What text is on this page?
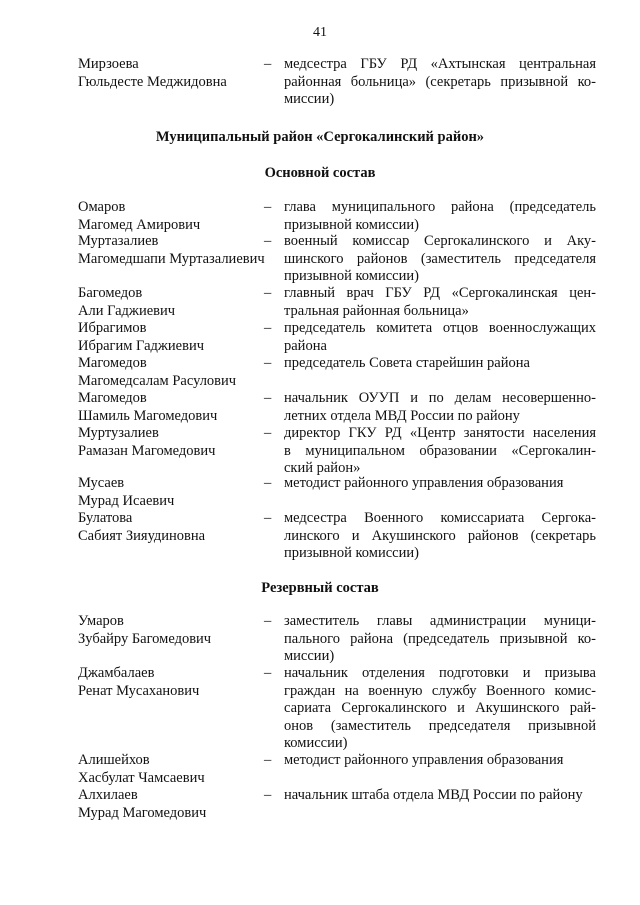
41
Мирзоева
Гюльдесте Меджидовна
– медсестра ГБУ РД «Ахтынская центральная
районная больница» (секретарь призывной ко-
миссии)
Муниципальный район «Сергокалинский район»
Основной состав
Омаров
Магомед Амирович
– глава муниципального района (председатель
призывной комиссии)
Муртазалиев
Магомедшапи Муртазалиевич
– военный комиссар Сергокалинского и Аку-
шинского районов (заместитель председателя
призывной комиссии)
Багомедов
Али Гаджиевич
– главный врач ГБУ РД «Сергокалинская цен-
тральная районная больница»
Ибрагимов
Ибрагим Гаджиевич
– председатель комитета отцов военнослужащих
района
Магомедов
Магомедсалам Расулович
– председатель Совета старейшин района
Магомедов
Шамиль Магомедович
– начальник ОУУП и по делам несовершенно-
летних отдела МВД России по району
Муртузалиев
Рамазан Магомедович
– директор ГКУ РД «Центр занятости населения
в муниципальном образовании «Сергокалин-
ский район»
Мусаев
Мурад Исаевич
– методист районного управления образования
Булатова
Сабият Зияудиновна
– медсестра Военного комиссариата Сергока-
линского и Акушинского районов (секретарь
призывной комиссии)
Резервный состав
Умаров
Зубайру Багомедович
– заместитель главы администрации муници-
пального района (председатель призывной ко-
миссии)
Джамбалаев
Ренат Мусаханович
– начальник отделения подготовки и призыва
граждан на военную службу Военного комис-
сариата Сергокалинского и Акушинского рай-
онов (заместитель председателя призывной
комиссии)
Алишейхов
Хасбулат Чамсаевич
– методист районного управления образования
Алхилаев
Мурад Магомедович
– начальник штаба отдела МВД России по району
